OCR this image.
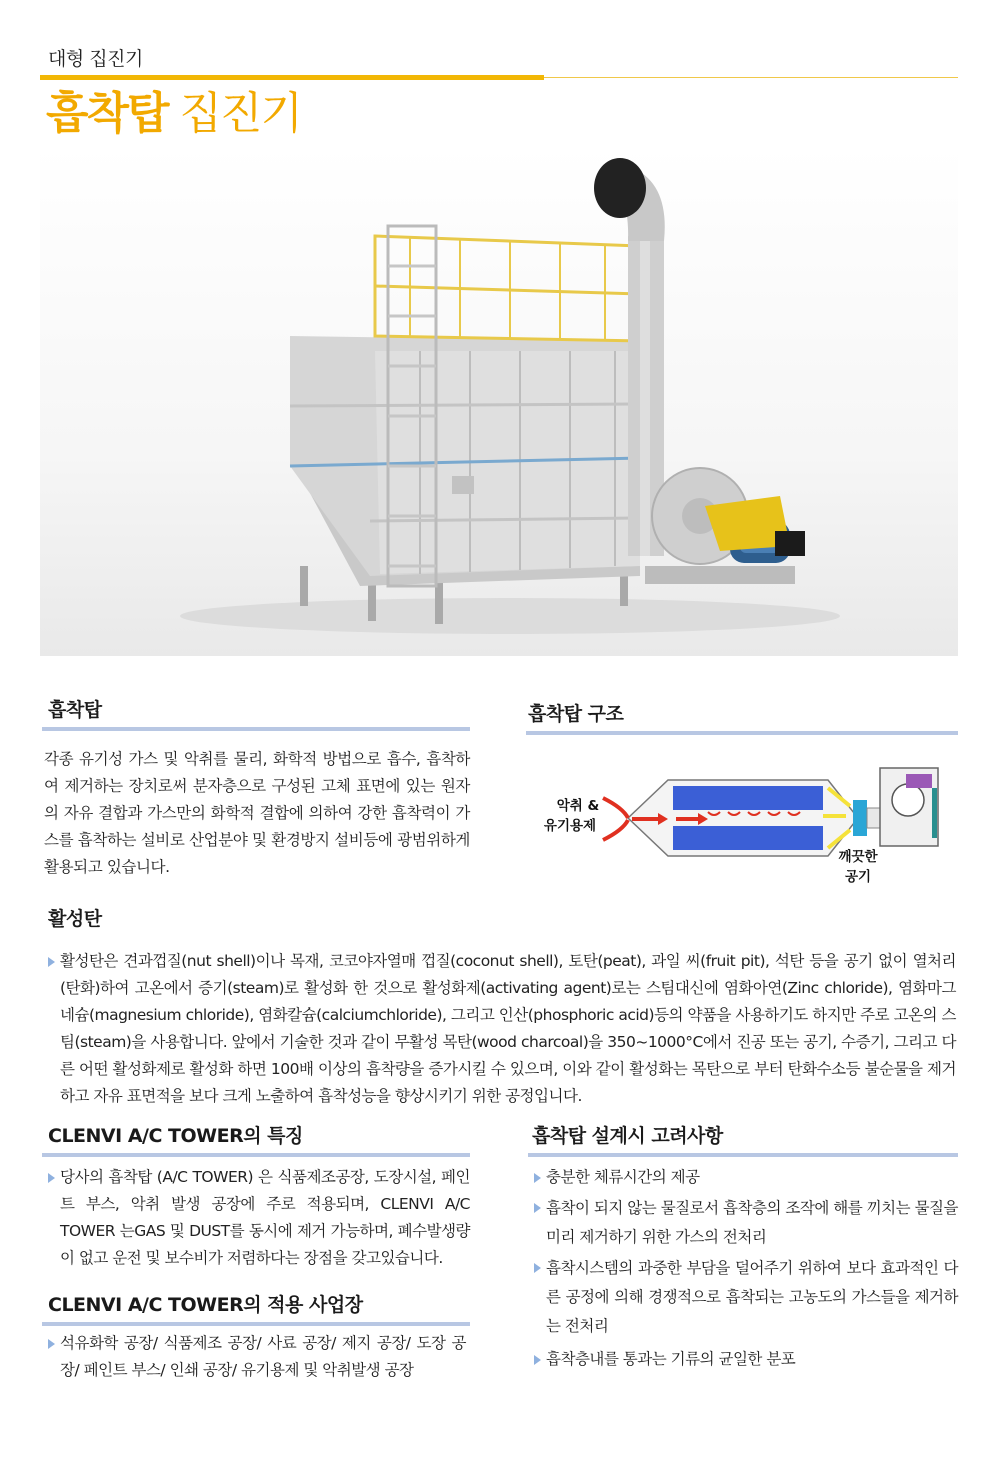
대형 집진기
흡착탑 집진기
흡착탑
각종 유기성 가스 및 악취를 물리, 화학적 방법으로 흡수, 흡착하여 제거하는 장치로써 분자층으로 구성된 고체 표면에 있는 원자의 자유 결합과 가스만의 화학적 결합에 의하여 강한 흡착력이 가스를 흡착하는 설비로 산업분야 및 환경방지 설비등에 광범위하게 활용되고 있습니다.
흡착탑 구조
악취 &
유기용제
깨끗한
공기
활성탄
활성탄은 견과껍질(nut shell)이나 목재, 코코야자열매 껍질(coconut shell), 토탄(peat), 과일 씨(fruit pit), 석탄 등을 공기 없이 열처리(탄화)하여 고온에서 증기(steam)로 활성화 한 것으로 활성화제(activating agent)로는 스팀대신에 염화아연(Zinc chloride), 염화마그네슘(magnesium chloride), 염화칼슘(calciumchloride), 그리고 인산(phosphoric acid)등의 약품을 사용하기도 하지만 주로 고온의 스팀(steam)을 사용합니다. 앞에서 기술한 것과 같이 무활성 목탄(wood charcoal)을 350~1000°C에서 진공 또는 공기, 수증기, 그리고 다른 어떤 활성화제로 활성화 하면 100배 이상의 흡착량을 증가시킬 수 있으며, 이와 같이 활성화는 목탄으로 부터 탄화수소등 불순물을 제거하고 자유 표면적을 보다 크게 노출하여 흡착성능을 향상시키기 위한 공정입니다.
CLENVI A/C TOWER의 특징
당사의 흡착탑 (A/C TOWER) 은 식품제조공장, 도장시설, 페인트 부스, 악취 발생 공장에 주로 적용되며, CLENVI A/C TOWER 는GAS 및 DUST를 동시에 제거 가능하며, 폐수발생량이 없고 운전 및 보수비가 저렴하다는 장점을 갖고있습니다.
CLENVI A/C TOWER의 적용 사업장
석유화학 공장/ 식품제조 공장/ 사료 공장/ 제지 공장/ 도장 공장/ 페인트 부스/ 인쇄 공장/ 유기용제 및 악취발생 공장
흡착탑 설계시 고려사항
충분한 체류시간의 제공
흡착이 되지 않는 물질로서 흡착층의 조작에 해를 끼치는 물질을 미리 제거하기 위한 가스의 전처리
흡착시스템의 과중한 부담을 덜어주기 위하여 보다 효과적인 다른 공정에 의해 경쟁적으로 흡착되는 고농도의 가스들을 제거하는 전처리
흡착층내를 통과는 기류의 균일한 분포
